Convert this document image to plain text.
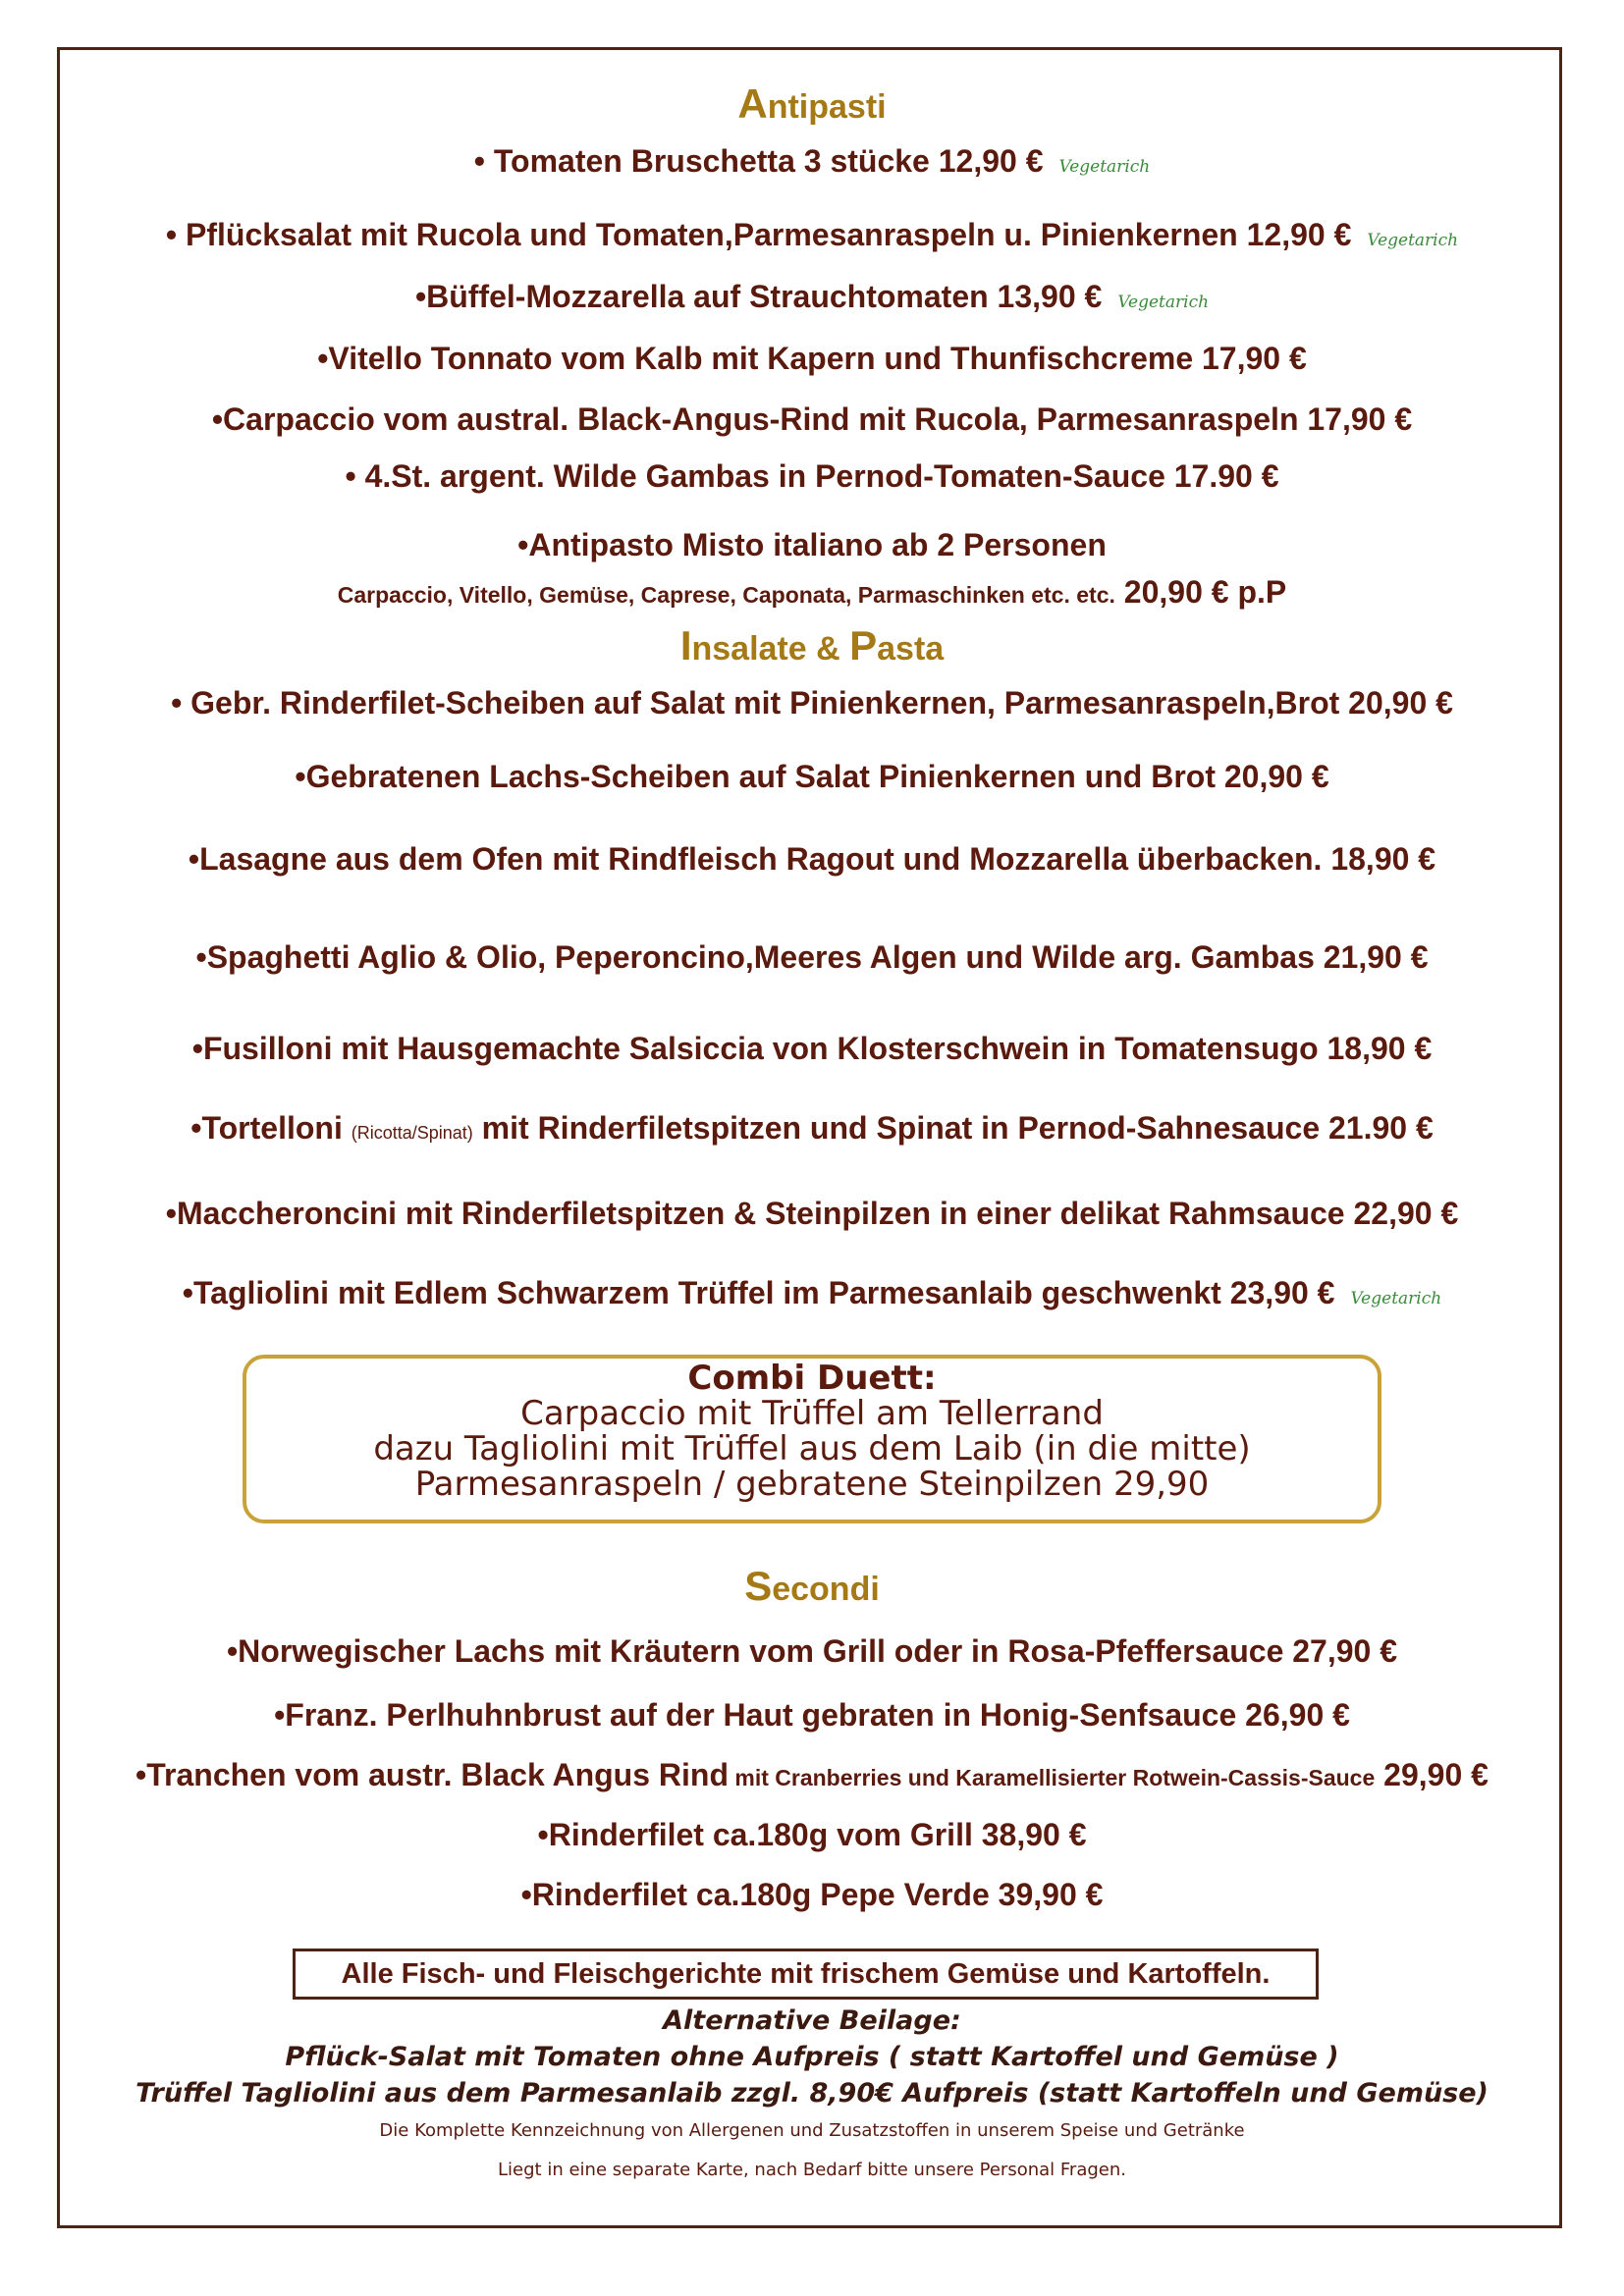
Antipasti
• Tomaten Bruschetta 3 stücke 12,90 € Vegetarich
• Pflücksalat mit Rucola und Tomaten,Parmesanraspeln u. Pinienkernen 12,90 € Vegetarich
•Büffel-Mozzarella auf Strauchtomaten 13,90 € Vegetarich
•Vitello Tonnato vom Kalb mit Kapern und Thunfischcreme 17,90 €
•Carpaccio vom austral. Black-Angus-Rind mit Rucola, Parmesanraspeln 17,90 €
• 4.St. argent. Wilde Gambas in Pernod-Tomaten-Sauce 17.90 €
•Antipasto Misto italiano ab 2 Personen
Carpaccio, Vitello, Gemüse, Caprese, Caponata, Parmaschinken etc. etc. 20,90 € p.P
Insalate & Pasta
• Gebr. Rinderfilet-Scheiben auf Salat mit Pinienkernen, Parmesanraspeln,Brot 20,90 €
•Gebratenen Lachs-Scheiben auf Salat Pinienkernen und Brot 20,90 €
•Lasagne aus dem Ofen mit Rindfleisch Ragout und Mozzarella überbacken. 18,90 €
•Spaghetti Aglio & Olio, Peperoncino,Meeres Algen und Wilde arg. Gambas 21,90 €
•Fusilloni mit Hausgemachte Salsiccia von Klosterschwein in Tomatensugo 18,90 €
•Tortelloni (Ricotta/Spinat) mit Rinderfiletspitzen und Spinat in Pernod-Sahnesauce 21.90 €
•Maccheroncini mit Rinderfiletspitzen & Steinpilzen in einer delikat Rahmsauce 22,90 €
•Tagliolini mit Edlem Schwarzem Trüffel im Parmesanlaib geschwenkt 23,90 € Vegetarich
Combi Duett:
Carpaccio mit Trüffel am Tellerrand
dazu Tagliolini mit Trüffel aus dem Laib (in die mitte)
Parmesanraspeln / gebratene Steinpilzen 29,90
Secondi
•Norwegischer Lachs mit Kräutern vom Grill oder in Rosa-Pfeffersauce 27,90 €
•Franz. Perlhuhnbrust auf der Haut gebraten in Honig-Senfsauce 26,90 €
•Tranchen vom austr. Black Angus Rind mit Cranberries und Karamellisierter Rotwein-Cassis-Sauce 29,90 €
•Rinderfilet ca.180g vom Grill 38,90 €
•Rinderfilet ca.180g Pepe Verde 39,90 €
Alle Fisch- und Fleischgerichte mit frischem Gemüse und Kartoffeln.
Alternative Beilage:
Pflück-Salat mit Tomaten ohne Aufpreis ( statt Kartoffel und Gemüse )
Trüffel Tagliolini aus dem Parmesanlaib zzgl. 8,90€ Aufpreis (statt Kartoffeln und Gemüse)
Die Komplette Kennzeichnung von Allergenen und Zusatzstoffen in unserem Speise und Getränke
Liegt in eine separate Karte, nach Bedarf bitte unsere Personal Fragen.
